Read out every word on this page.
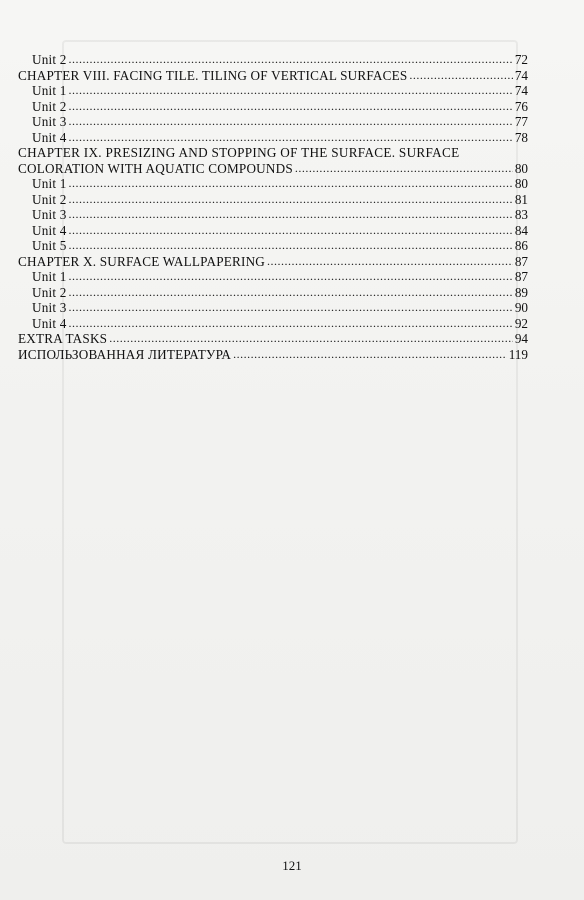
Unit 2 .....	72
CHAPTER VIII. FACING TILE. TILING OF VERTICAL SURFACES .....	74
Unit 1 .....	74
Unit 2 .....	76
Unit 3 .....	77
Unit 4 .....	78
CHAPTER IX. PRESIZING AND STOPPING OF THE SURFACE. SURFACE
COLORATION WITH AQUATIC COMPOUNDS .....	80
Unit 1 .....	80
Unit 2 .....	81
Unit 3 .....	83
Unit 4 .....	84
Unit 5 .....	86
CHAPTER X. SURFACE WALLPAPERING .....	87
Unit 1 .....	87
Unit 2 .....	89
Unit 3 .....	90
Unit 4 .....	92
EXTRA TASKS .....	94
ИСПОЛЬЗОВАННАЯ ЛИТЕРАТУРА .....	119
121
